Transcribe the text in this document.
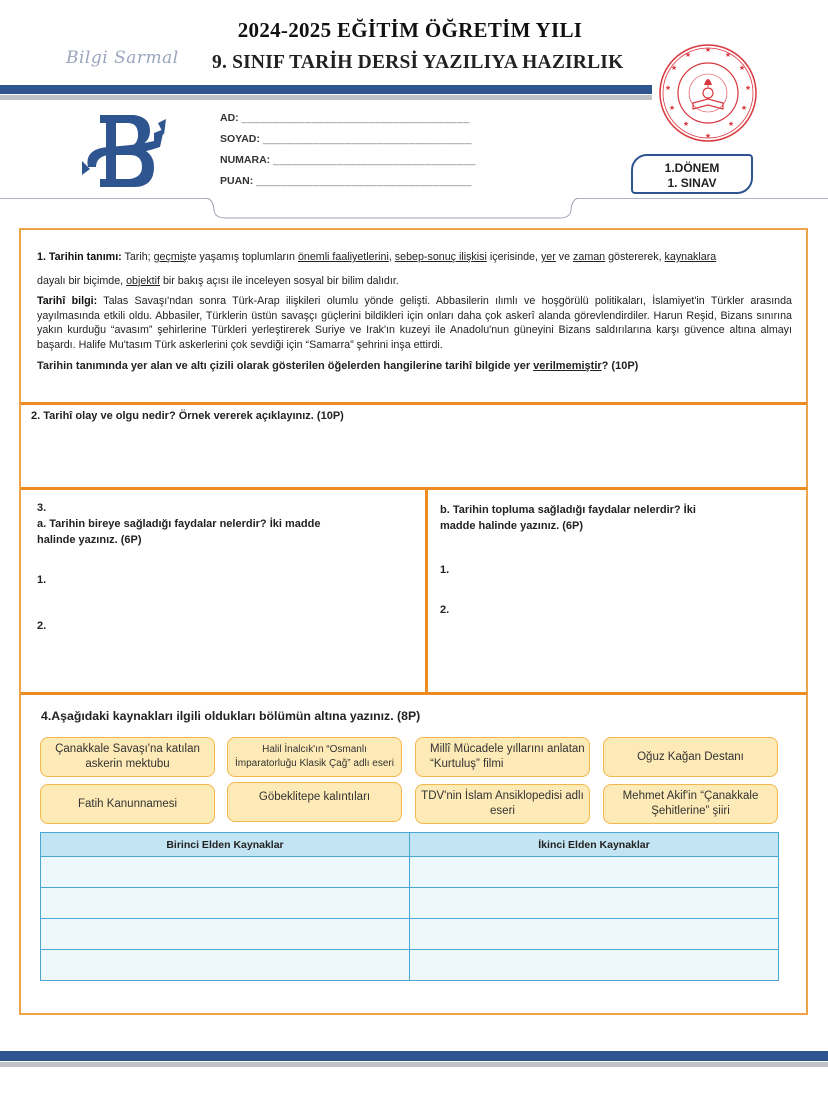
2024-2025 EĞİTİM ÖĞRETİM YILI
Bilgi Sarmal 9. SINIF TARİH DERSİ YAZILIYA HAZIRLIK
★
★
★
★
★
★
★
★
★
★
★
★
AD: ____________________________________
SOYAD: _________________________________
NUMARA: ________________________________
PUAN: __________________________________
1.DÖNEM
1. SINAV

1. Tarihin tanımı: Tarih; geçmişte yaşamış toplumların önemli faaliyetlerini, sebep-sonuç ilişkisi içerisinde, yer ve zaman göstererek, kaynaklara

dayalı bir biçimde, objektif bir bakış açısı ile inceleyen sosyal bir bilim dalıdır.

Tarihî bilgi: Talas Savaşı'ndan sonra Türk-Arap ilişkileri olumlu yönde gelişti. Abbasilerin ılımlı ve hoşgörülü politikaları, İslamiyet'in Türkler arasında yayılmasında etkili oldu. Abbasiler, Türklerin üstün savaşçı güçlerini bildikleri için onları daha çok askerî alanda görevlendirdiler. Harun Reşid, Bizans sınırına yakın kurduğu “avasım” şehirlerine Türkleri yerleştirerek Suriye ve Irak'ın kuzeyi ile Anadolu'nun güneyini Bizans saldırılarına karşı güvence altına almayı başardı. Halife Mu'tasım Türk askerlerini çok sevdiği için “Samarra” şehrini inşa ettirdi.

Tarihin tanımında yer alan ve altı çizili olarak gösterilen öğelerden hangilerine tarihî bilgide yer verilmemiştir? (10P)

2. Tarihî olay ve olgu nedir? Örnek vererek açıklayınız. (10P)
3.
a. Tarihin bireye sağladığı faydalar nelerdir? İki madde
halinde yazınız. (6P)
1.
2.
b. Tarihin topluma sağladığı faydalar nelerdir? İki
madde halinde yazınız. (6P)
1.
2.
4.Aşağıdaki kaynakları ilgili oldukları bölümün altına yazınız. (8P)
Çanakkale Savaşı'na katılan askerin mektubu
Halil İnalcık'ın “Osmanlı İmparatorluğu Klasik Çağ” adlı eseri
Millî Mücadele yıllarını anlatan “Kurtuluş” filmi
Oğuz Kağan Destanı
Fatih Kanunnamesi
Göbeklitepe kalıntıları	TDV'nin İslam Ansiklopedisi adlı eseri
Mehmet Akif'in “Çanakkale Şehitlerine” şiiri
Birinci Elden Kaynaklar	İkinci Elden Kaynaklar
